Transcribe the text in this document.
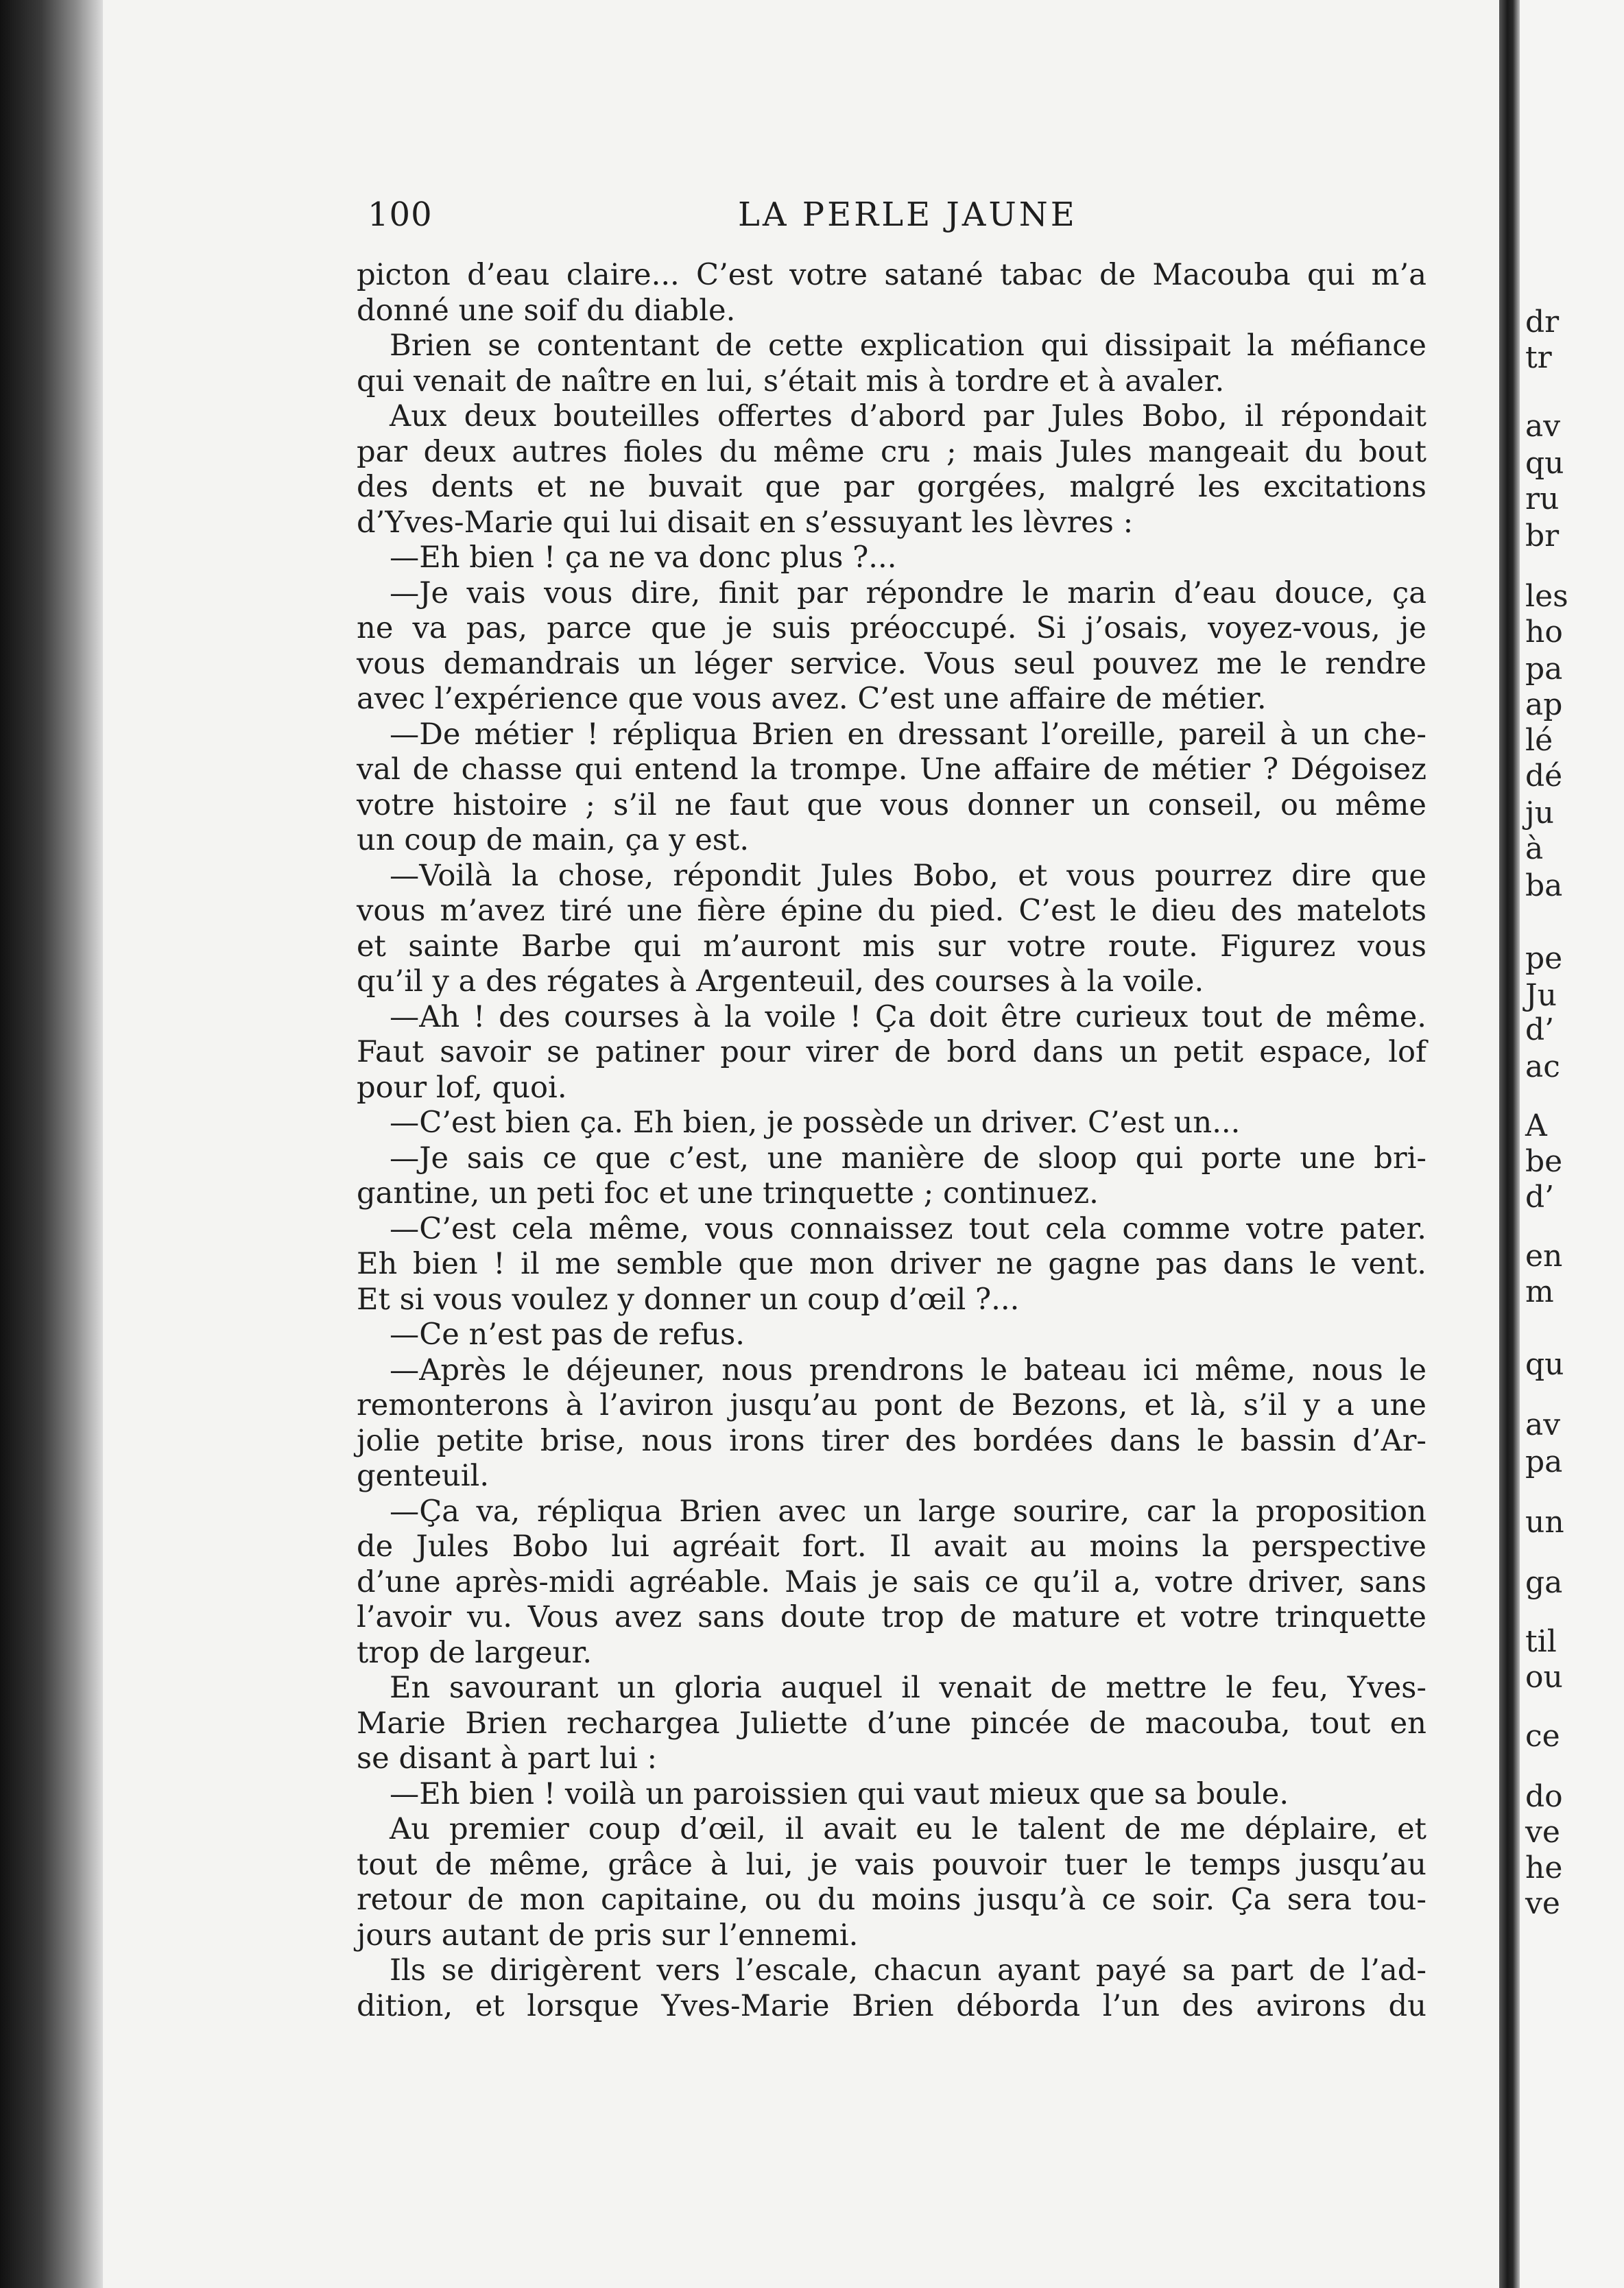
100	LA PERLE JAUNE
picton d’eau claire... C’est votre satané tabac de Macouba qui m’a
donné une soif du diable.
Brien se contentant de cette explication qui dissipait la méfiance
qui venait de naître en lui, s’était mis à tordre et à avaler.
Aux deux bouteilles offertes d’abord par Jules Bobo, il répondait
par deux autres fioles du même cru ; mais Jules mangeait du bout
des dents et ne buvait que par gorgées, malgré les excitations
d’Yves-Marie qui lui disait en s’essuyant les lèvres :
—Eh bien ! ça ne va donc plus ?...
—Je vais vous dire, finit par répondre le marin d’eau douce, ça
ne va pas, parce que je suis préoccupé. Si j’osais, voyez-vous, je
vous demandrais un léger service. Vous seul pouvez me le rendre
avec l’expérience que vous avez. C’est une affaire de métier.
—De métier ! répliqua Brien en dressant l’oreille, pareil à un che-
val de chasse qui entend la trompe. Une affaire de métier ? Dégoisez
votre histoire ; s’il ne faut que vous donner un conseil, ou même
un coup de main, ça y est.
—Voilà la chose, répondit Jules Bobo, et vous pourrez dire que
vous m’avez tiré une fière épine du pied. C’est le dieu des matelots
et sainte Barbe qui m’auront mis sur votre route. Figurez vous
qu’il y a des régates à Argenteuil, des courses à la voile.
—Ah ! des courses à la voile ! Ça doit être curieux tout de même.
Faut savoir se patiner pour virer de bord dans un petit espace, lof
pour lof, quoi.
—C’est bien ça. Eh bien, je possède un driver. C’est un...
—Je sais ce que c’est, une manière de sloop qui porte une bri-
gantine, un peti foc et une trinquette ; continuez.
—C’est cela même, vous connaissez tout cela comme votre pater.
Eh bien ! il me semble que mon driver ne gagne pas dans le vent.
Et si vous voulez y donner un coup d’œil ?...
—Ce n’est pas de refus.
—Après le déjeuner, nous prendrons le bateau ici même, nous le
remonterons à l’aviron jusqu’au pont de Bezons, et là, s’il y a une
jolie petite brise, nous irons tirer des bordées dans le bassin d’Ar-
genteuil.
—Ça va, répliqua Brien avec un large sourire, car la proposition
de Jules Bobo lui agréait fort. Il avait au moins la perspective
d’une après-midi agréable. Mais je sais ce qu’il a, votre driver, sans
l’avoir vu. Vous avez sans doute trop de mature et votre trinquette
trop de largeur.
En savourant un gloria auquel il venait de mettre le feu, Yves-
Marie Brien rechargea Juliette d’une pincée de macouba, tout en
se disant à part lui :
—Eh bien ! voilà un paroissien qui vaut mieux que sa boule.
Au premier coup d’œil, il avait eu le talent de me déplaire, et
tout de même, grâce à lui, je vais pouvoir tuer le temps jusqu’au
retour de mon capitaine, ou du moins jusqu’à ce soir. Ça sera tou-
jours autant de pris sur l’ennemi.
Ils se dirigèrent vers l’escale, chacun ayant payé sa part de l’ad-
dition, et lorsque Yves-Marie Brien déborda l’un des avirons du
dr
tr
av
qu
ru
br
les
ho
pa
ap
lé
dé
ju
à
ba
pe
Ju
d’
ac
A
be
d’
en
m
qu
av
pa
un
ga
til
ou
ce
do
ve
he
ve
